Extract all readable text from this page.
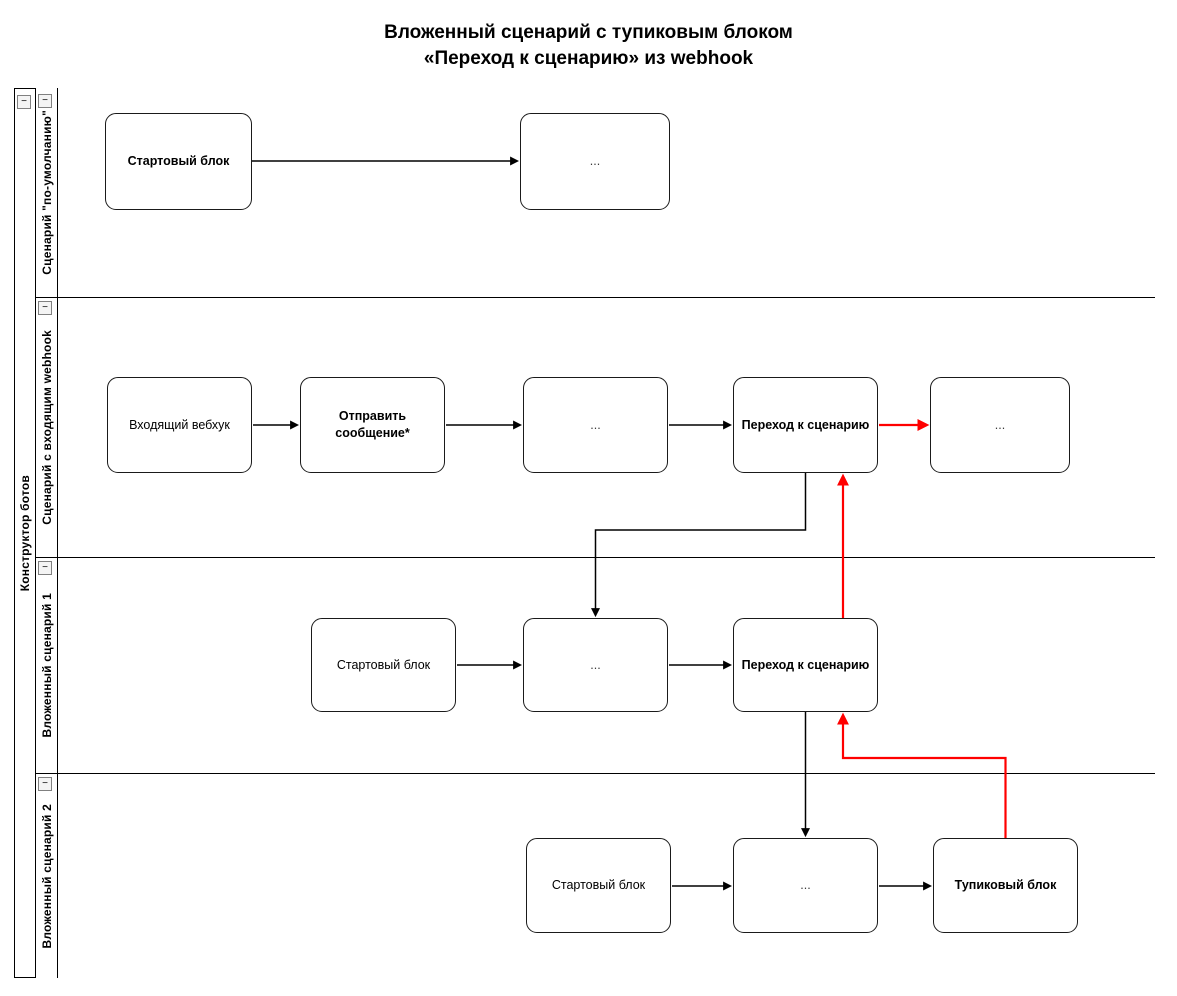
Вложенный сценарий с тупиковым блоком
«Переход к сценарию» из webhook
Конструктор ботов
Сценарий "по-умолчанию"
Сценарий с входящим webhook
Вложенный сценарий 1
Вложенный сценарий 2
−	−
−
−
−
Стартовый блок	...
Входящий вебхук
Отправить сообщение*
...	Переход к сценарию	...
Стартовый блок	...	Переход к сценарию
Стартовый блок	...	Тупиковый блок
